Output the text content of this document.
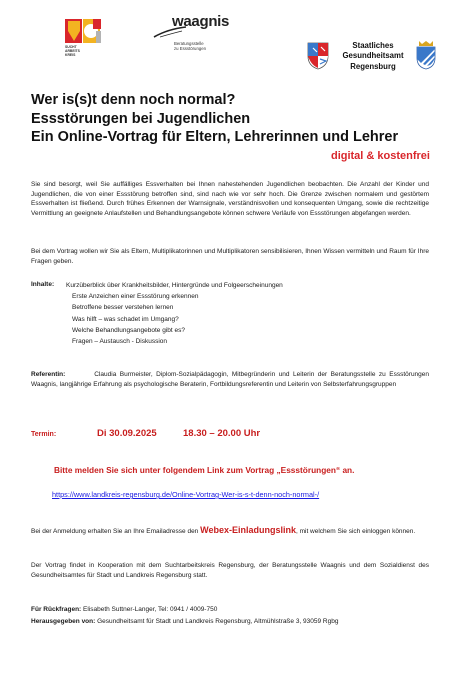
SUCHT
ARBEITS
KREIS
waagnis
Beratungsstelle
zu Essstörungen	Staatliches
Gesundheitsamt
Regensburg
Wer is(s)t denn noch normal?
Essstörungen bei Jugendlichen
Ein Online-Vortrag für Eltern, Lehrerinnen und Lehrer
digital & kostenfrei
Sie sind besorgt, weil Sie auffälliges Essverhalten bei Ihnen nahestehenden Jugendlichen beobachten. Die Anzahl der Kinder und Jugendlichen, die von einer Essstörung betroffen sind, sind nach wie vor sehr hoch. Die Grenze zwischen normalem und gestörtem Essverhalten ist fließend. Durch frühes Erkennen der Warnsignale, verständnisvollen und konsequenten Umgang, sowie die rechtzeitige Vermittlung an geeignete Anlaufstellen und Behandlungsangebote können schwere Verläufe von Essstörungen abgefangen werden.
Bei dem Vortrag wollen wir Sie als Eltern, Multiplikatorinnen und Multiplikatoren sensibilisieren, Ihnen Wissen vermitteln und Raum für Ihre Fragen geben.
Inhalte: Kurzüberblick über Krankheitsbilder, Hintergründe und Folgeerscheinungen
Erste Anzeichen einer Essstörung erkennen
Betroffene besser verstehen lernen
Was hilft – was schadet im Umgang?
Welche Behandlungsangebote gibt es?
Fragen – Austausch - Diskussion
Referentin:	Claudia Burmeister, Diplom-Sozialpädagogin, Mitbegründerin und Leiterin der Beratungsstelle zu Essstörungen Waagnis, langjährige Erfahrung als psychologische Beraterin, Fortbildungsreferentin und Leiterin von Selbsterfahrungsgruppen
Termin:	Di 30.09.2025	18.30 – 20.00 Uhr
Bitte melden Sie sich unter folgendem Link zum Vortrag „Essstörungen“ an.
https://www.landkreis-regensburg.de/Online-Vortrag-Wer-is-s-t-denn-noch-normal-/
Bei der Anmeldung erhalten Sie an Ihre Emailadresse den Webex-Einladungslink, mit welchem Sie sich einloggen können.
Der Vortrag findet in Kooperation mit dem Suchtarbeitskreis Regensburg, der Beratungsstelle Waagnis und dem Sozialdienst des Gesundheitsamtes für Stadt und Landkreis Regensburg statt.
Für Rückfragen: Elisabeth Suttner-Langer, Tel: 0941 / 4009-750
Herausgegeben von: Gesundheitsamt für Stadt und Landkreis Regensburg, Altmühlstraße 3, 93059 Rgbg
